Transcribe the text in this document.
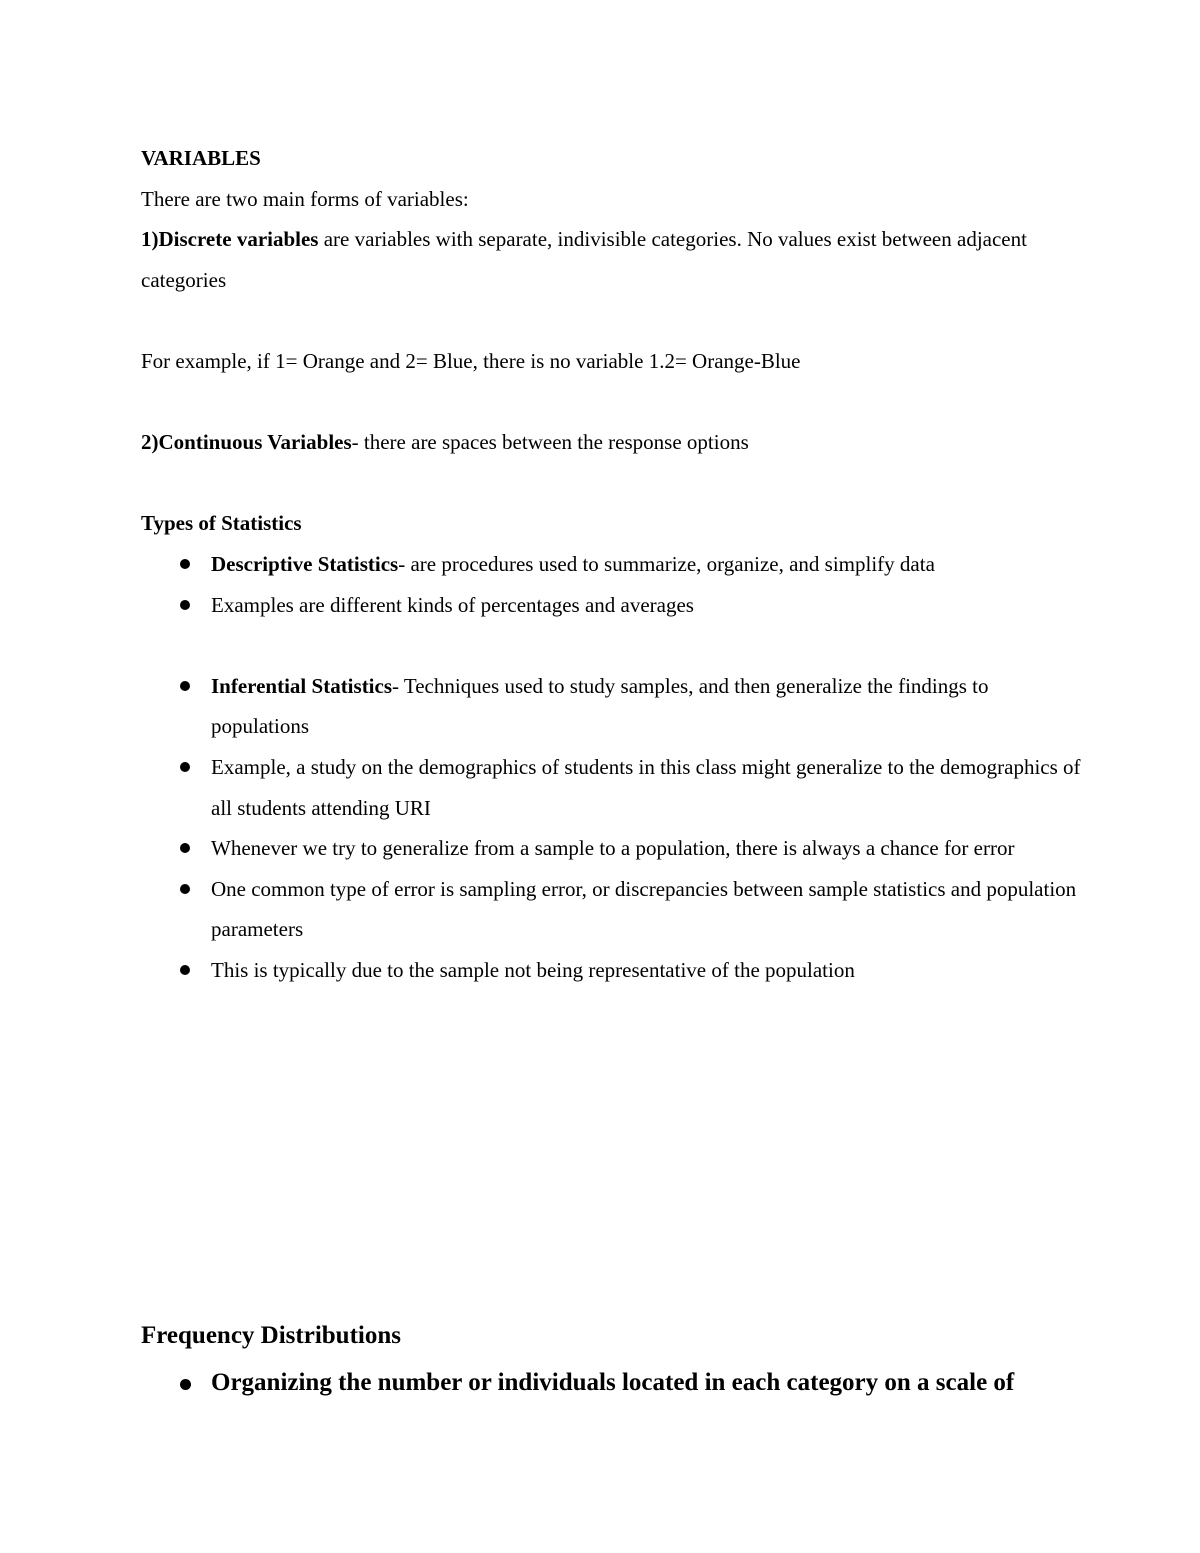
VARIABLES

There are two main forms of variables:

1)Discrete variables are variables with separate, indivisible categories. No values exist between adjacent categories

For example, if 1= Orange and 2= Blue, there is no variable 1.2= Orange-Blue

2)Continuous Variables- there are spaces between the response options

Types of Statistics

Descriptive Statistics- are procedures used to summarize, organize, and simplify data
Examples are different kinds of percentages and averages
Inferential Statistics- Techniques used to study samples, and then generalize the findings to populations
Example, a study on the demographics of students in this class might generalize to the demographics of all students attending URI
Whenever we try to generalize from a sample to a population, there is always a chance for error
One common type of error is sampling error, or discrepancies between sample statistics and population parameters
This is typically due to the sample not being representative of the population

Frequency Distributions

Organizing the number or individuals located in each category on a scale of
